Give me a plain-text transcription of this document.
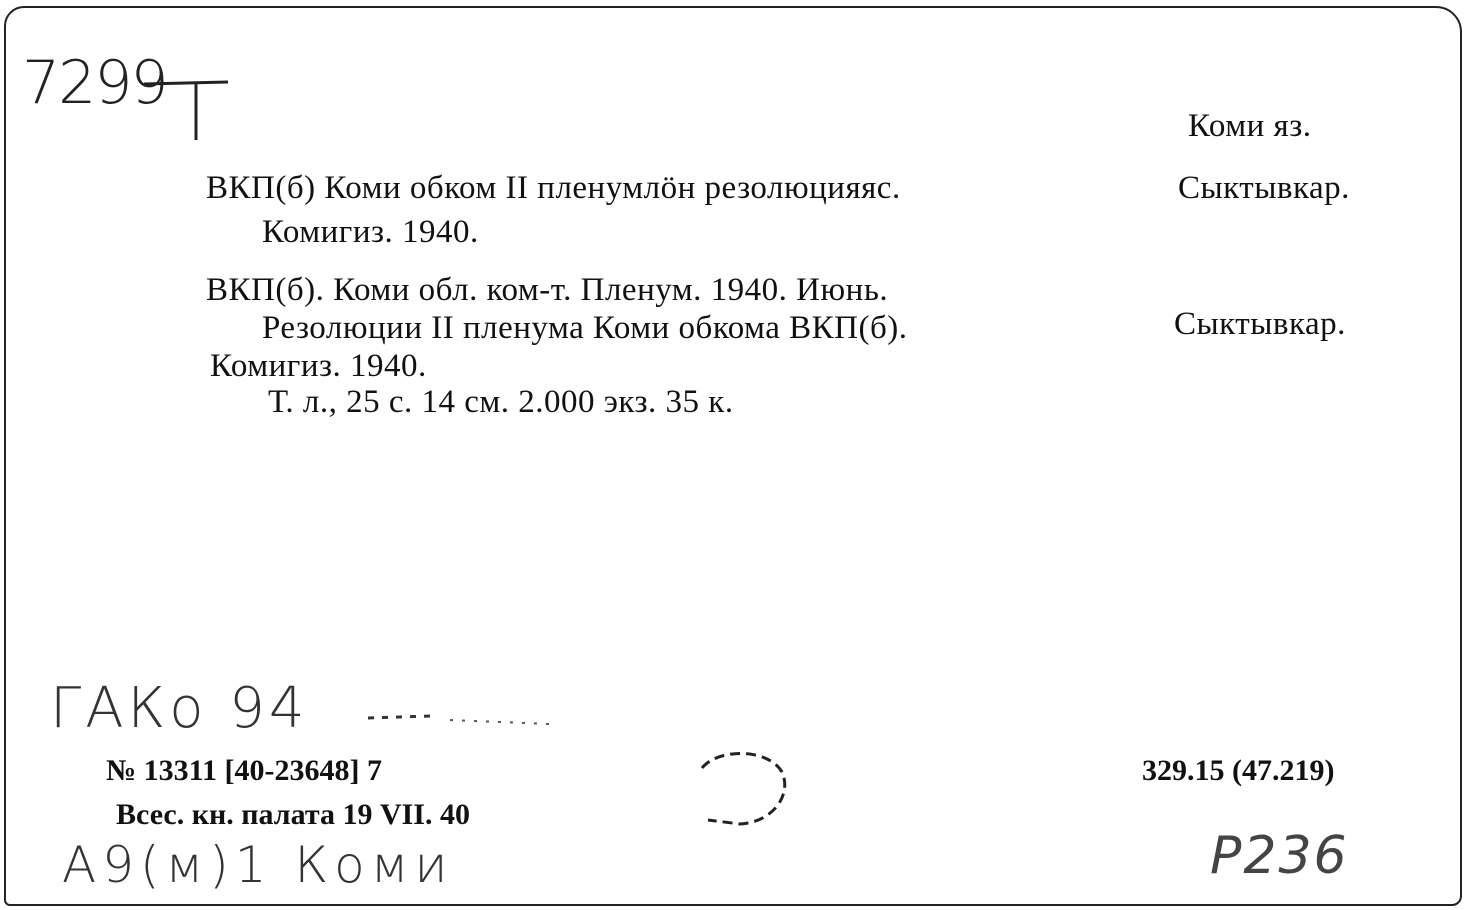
7299
Коми яз.
ВКП(б) Коми обком II пленумлöн резолюцияяс.	Сыктывкар.
Комигиз. 1940.
ВКП(б). Коми обл. ком-т. Пленум. 1940. Июнь.
Резолюции II пленума Коми обкома ВКП(б).	Сыктывкар.
Комигиз. 1940.
Т. л., 25 с. 14 см. 2.000 экз. 35 к.
ГАКо 94
№ 13311 [40-23648] 7
Всес. кн. палата 19 VII. 40
329.15 (47.219)
А9(м)1 Коми	Р236
